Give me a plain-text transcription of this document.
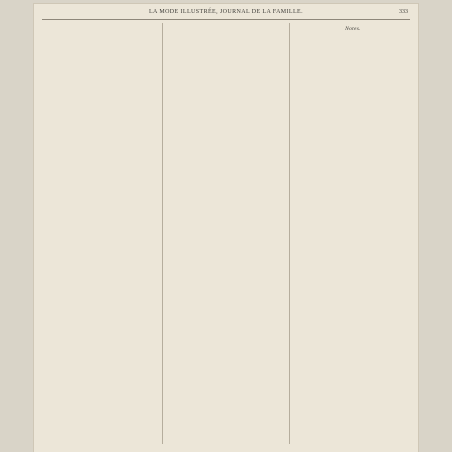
LA MODE ILLUSTRÉE, JOURNAL DE LA FAMILLE.	333
Notes.
